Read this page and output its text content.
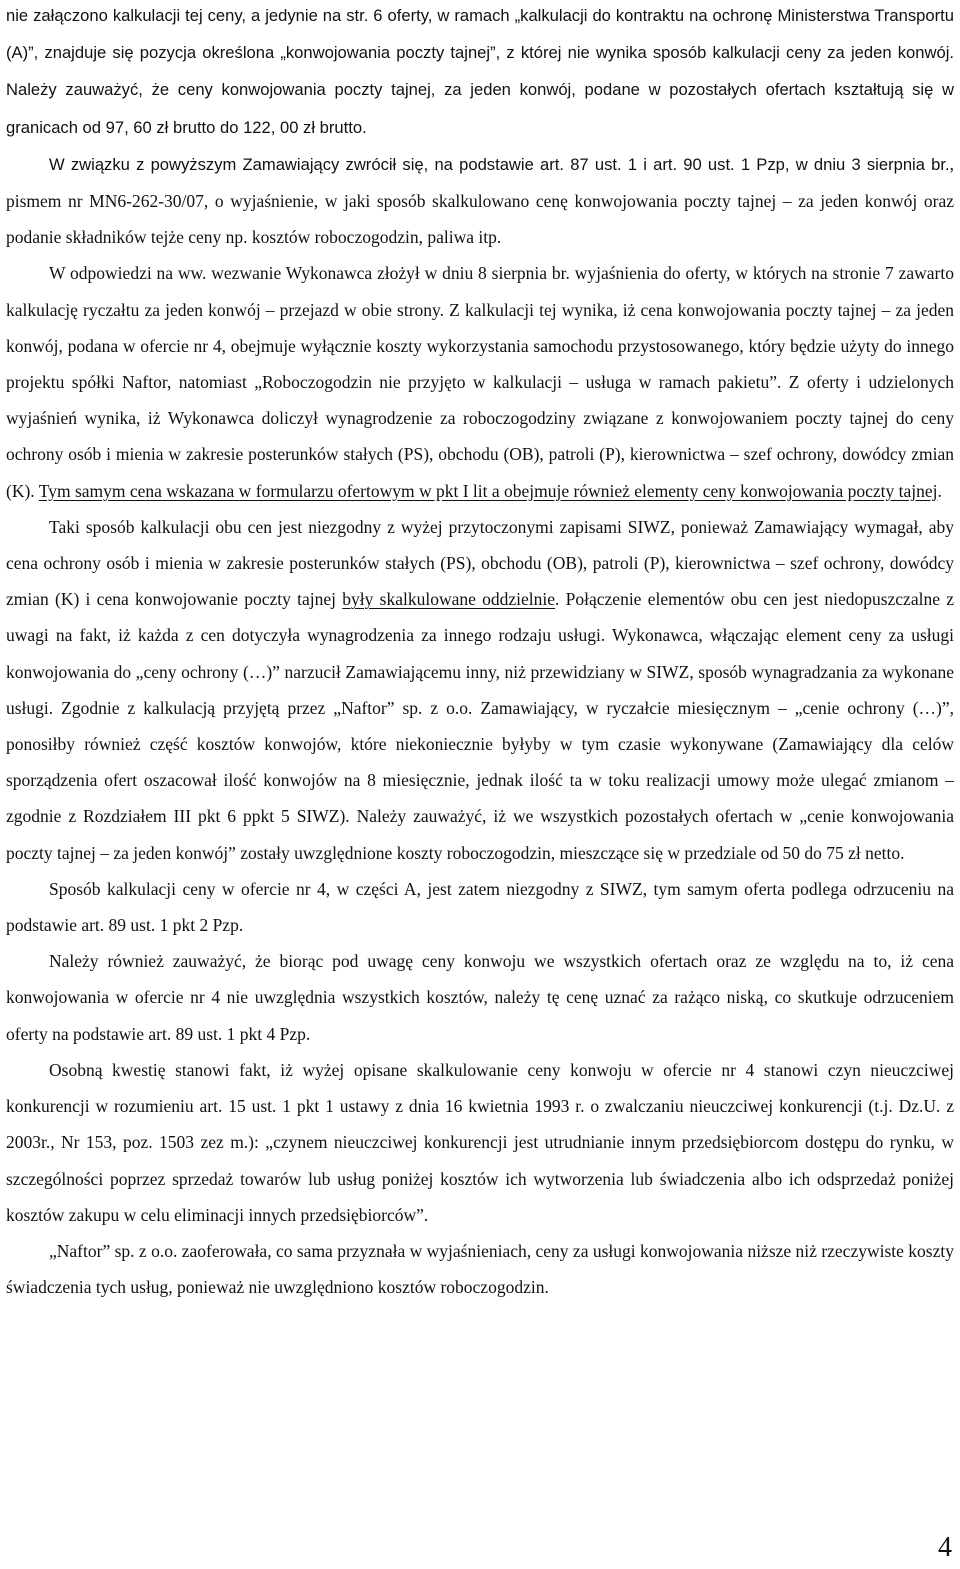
nie załączono kalkulacji tej ceny, a jedynie na str. 6 oferty, w ramach „kalkulacji do kontraktu na ochronę Ministerstwa Transportu (A)”, znajduje się pozycja określona „konwojowania poczty tajnej”, z której nie wynika sposób kalkulacji ceny za jeden konwój. Należy zauważyć, że ceny konwojowania poczty tajnej, za jeden konwój, podane w pozostałych ofertach kształtują się w granicach od 97, 60 zł brutto do 122, 00 zł brutto.

W związku z powyższym Zamawiający zwrócił się, na podstawie art. 87 ust. 1 i art. 90 ust. 1 Pzp, w dniu 3 sierpnia br., pismem nr MN6-262-30/07, o wyjaśnienie, w jaki sposób skalkulowano cenę konwojowania poczty tajnej – za jeden konwój oraz podanie składników tejże ceny np. kosztów roboczogodzin, paliwa itp.

W odpowiedzi na ww. wezwanie Wykonawca złożył w dniu 8 sierpnia br. wyjaśnienia do oferty, w których na stronie 7 zawarto kalkulację ryczałtu za jeden konwój – przejazd w obie strony. Z kalkulacji tej wynika, iż cena konwojowania poczty tajnej – za jeden konwój, podana w ofercie nr 4, obejmuje wyłącznie koszty wykorzystania samochodu przystosowanego, który będzie użyty do innego projektu spółki Naftor, natomiast „Roboczogodzin nie przyjęto w kalkulacji – usługa w ramach pakietu”. Z oferty i udzielonych wyjaśnień wynika, iż Wykonawca doliczył wynagrodzenie za roboczogodziny związane z konwojowaniem poczty tajnej do ceny ochrony osób i mienia w zakresie posterunków stałych (PS), obchodu (OB), patroli (P), kierownictwa – szef ochrony, dowódcy zmian (K). Tym samym cena wskazana w formularzu ofertowym w pkt I lit a obejmuje również elementy ceny konwojowania poczty tajnej.

Taki sposób kalkulacji obu cen jest niezgodny z wyżej przytoczonymi zapisami SIWZ, ponieważ Zamawiający wymagał, aby cena ochrony osób i mienia w zakresie posterunków stałych (PS), obchodu (OB), patroli (P), kierownictwa – szef ochrony, dowódcy zmian (K) i cena konwojowanie poczty tajnej były skalkulowane oddzielnie. Połączenie elementów obu cen jest niedopuszczalne z uwagi na fakt, iż każda z cen dotyczyła wynagrodzenia za innego rodzaju usługi. Wykonawca, włączając element ceny za usługi konwojowania do „ceny ochrony (…)” narzucił Zamawiającemu inny, niż przewidziany w SIWZ, sposób wynagradzania za wykonane usługi. Zgodnie z kalkulacją przyjętą przez „Naftor” sp. z o.o. Zamawiający, w ryczałcie miesięcznym – „cenie ochrony (…)”, ponosiłby również część kosztów konwojów, które niekoniecznie byłyby w tym czasie wykonywane (Zamawiający dla celów sporządzenia ofert oszacował ilość konwojów na 8 miesięcznie, jednak ilość ta w toku realizacji umowy może ulegać zmianom – zgodnie z Rozdziałem III pkt 6 ppkt 5 SIWZ). Należy zauważyć, iż we wszystkich pozostałych ofertach w „cenie konwojowania poczty tajnej – za jeden konwój” zostały uwzględnione koszty roboczogodzin, mieszczące się w przedziale od 50 do 75 zł netto.

Sposób kalkulacji ceny w ofercie nr 4, w części A, jest zatem niezgodny z SIWZ, tym samym oferta podlega odrzuceniu na podstawie art. 89 ust. 1 pkt 2 Pzp.

Należy również zauważyć, że biorąc pod uwagę ceny konwoju we wszystkich ofertach oraz ze względu na to, iż cena konwojowania w ofercie nr 4 nie uwzględnia wszystkich kosztów, należy tę cenę uznać za rażąco niską, co skutkuje odrzuceniem oferty na podstawie art. 89 ust. 1 pkt 4 Pzp.

Osobną kwestię stanowi fakt, iż wyżej opisane skalkulowanie ceny konwoju w ofercie nr 4 stanowi czyn nieuczciwej konkurencji w rozumieniu art. 15 ust. 1 pkt 1 ustawy z dnia 16 kwietnia 1993 r. o zwalczaniu nieuczciwej konkurencji (t.j. Dz.U. z 2003r., Nr 153, poz. 1503 zez m.): „czynem nieuczciwej konkurencji jest utrudnianie innym przedsiębiorcom dostępu do rynku, w szczególności poprzez sprzedaż towarów lub usług poniżej kosztów ich wytworzenia lub świadczenia albo ich odsprzedaż poniżej kosztów zakupu w celu eliminacji innych przedsiębiorców”.

„Naftor” sp. z o.o. zaoferowała, co sama przyznała w wyjaśnieniach, ceny za usługi konwojowania niższe niż rzeczywiste koszty świadczenia tych usług, ponieważ nie uwzględniono kosztów roboczogodzin.

4
